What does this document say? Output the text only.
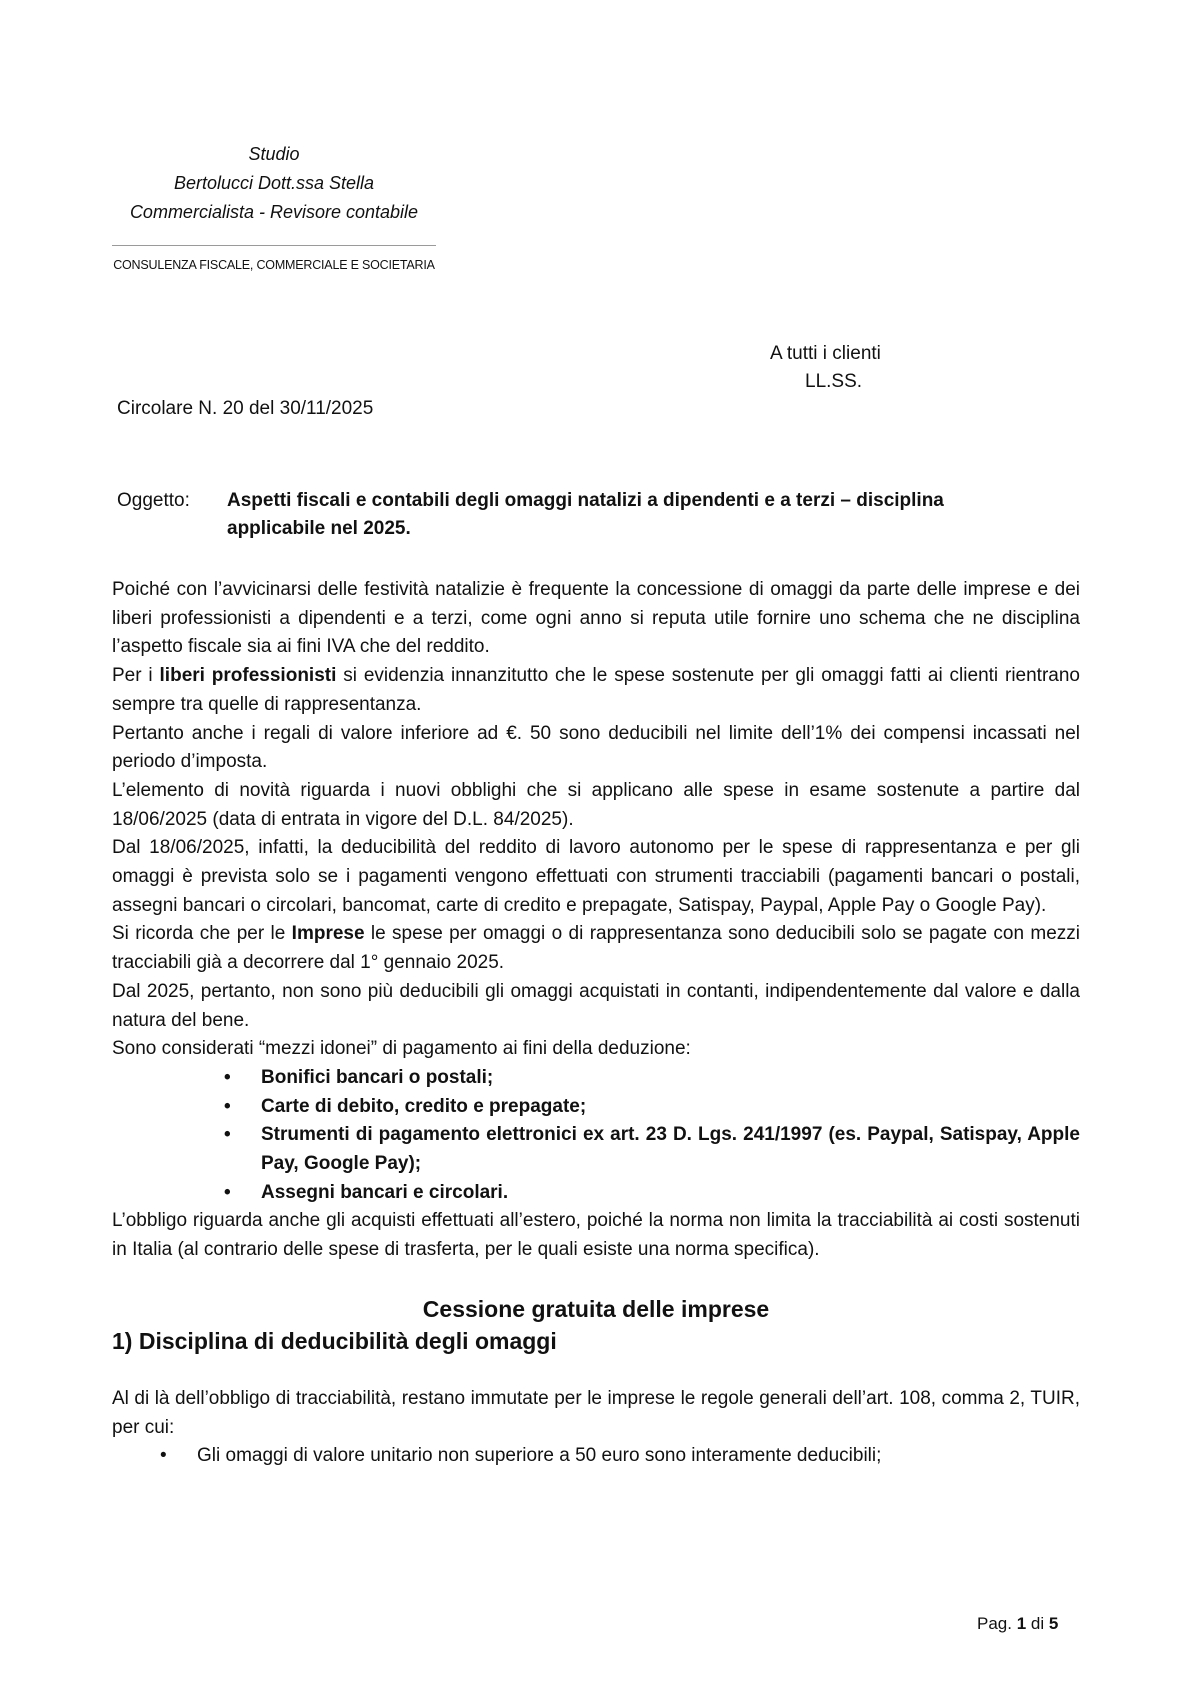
Studio
Bertolucci Dott.ssa Stella
Commercialista - Revisore contabile
CONSULENZA FISCALE, COMMERCIALE E SOCIETARIA
A tutti i clienti
LL.SS.
Circolare N. 20 del 30/11/2025
Oggetto:	Aspetti fiscali e contabili degli omaggi natalizi a dipendenti e a terzi – disciplina applicabile nel 2025.

Poiché con l’avvicinarsi delle festività natalizie è frequente la concessione di omaggi da parte delle imprese e dei liberi professionisti a dipendenti e a terzi, come ogni anno si reputa utile fornire uno schema che ne disciplina l’aspetto fiscale sia ai fini IVA che del reddito.

Per i liberi professionisti si evidenzia innanzitutto che le spese sostenute per gli omaggi fatti ai clienti rientrano sempre tra quelle di rappresentanza.

Pertanto anche i regali di valore inferiore ad €. 50 sono deducibili nel limite dell’1% dei compensi incassati nel periodo d’imposta.

L’elemento di novità riguarda i nuovi obblighi che si applicano alle spese in esame sostenute a partire dal 18/06/2025 (data di entrata in vigore del D.L. 84/2025).

Dal 18/06/2025, infatti, la deducibilità del reddito di lavoro autonomo per le spese di rappresentanza e per gli omaggi è prevista solo se i pagamenti vengono effettuati con strumenti tracciabili (pagamenti bancari o postali, assegni bancari o circolari, bancomat, carte di credito e prepagate, Satispay, Paypal, Apple Pay o Google Pay).

Si ricorda che per le Imprese le spese per omaggi o di rappresentanza sono deducibili solo se pagate con mezzi tracciabili già a decorrere dal 1° gennaio 2025.

Dal 2025, pertanto, non sono più deducibili gli omaggi acquistati in contanti, indipendentemente dal valore e dalla natura del bene.

Sono considerati “mezzi idonei” di pagamento ai fini della deduzione:

• Bonifici bancari o postali;
• Carte di debito, credito e prepagate;
• Strumenti di pagamento elettronici ex art. 23 D. Lgs. 241/1997 (es. Paypal, Satispay, Apple Pay, Google Pay);
• Assegni bancari e circolari.

L’obbligo riguarda anche gli acquisti effettuati all’estero, poiché la norma non limita la tracciabilità ai costi sostenuti in Italia (al contrario delle spese di trasferta, per le quali esiste una norma specifica).

Cessione gratuita delle imprese

1) Disciplina di deducibilità degli omaggi

Al di là dell’obbligo di tracciabilità, restano immutate per le imprese le regole generali dell’art. 108, comma 2, TUIR, per cui:

• Gli omaggi di valore unitario non superiore a 50 euro sono interamente deducibili;
Pag. 1 di 5
